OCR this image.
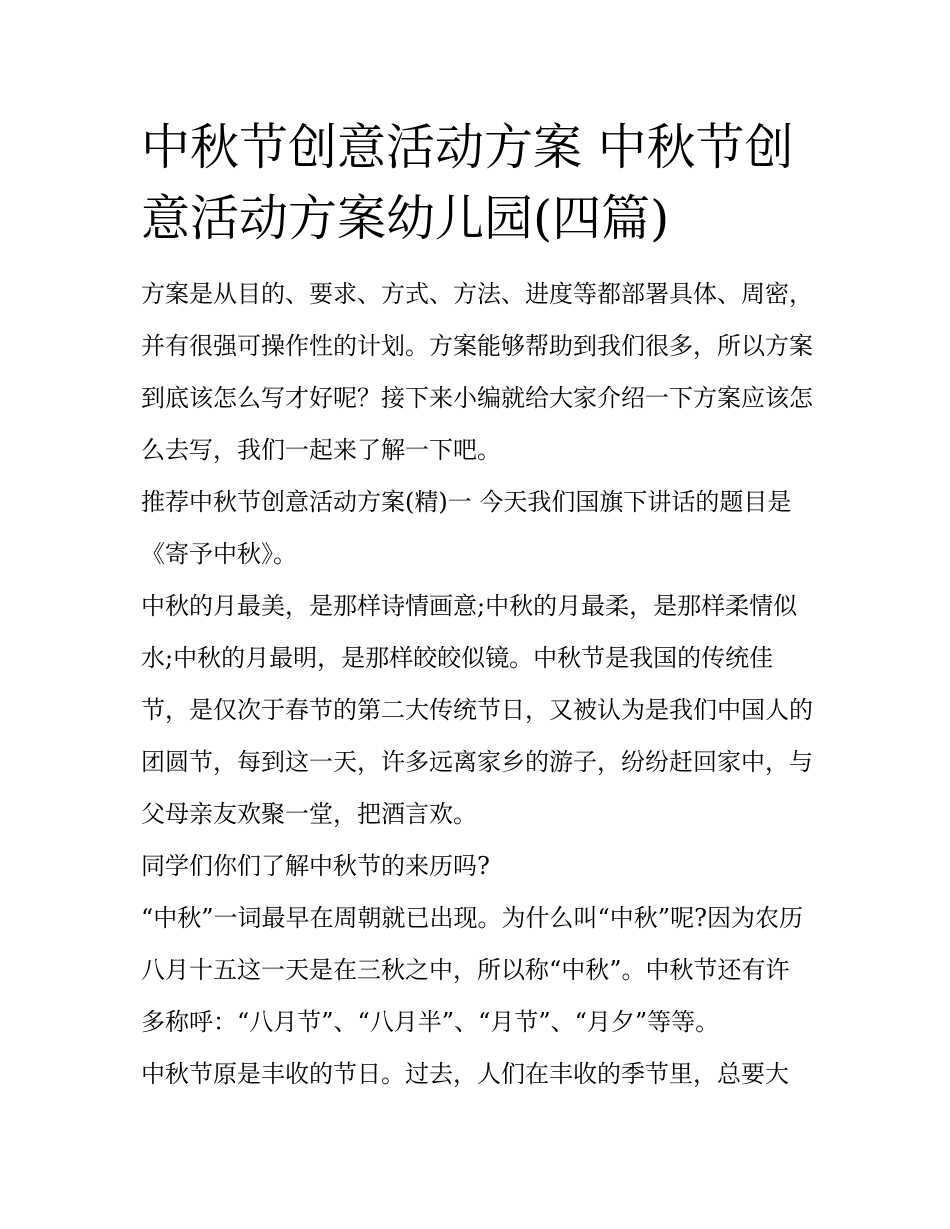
中秋节创意活动方案 中秋节创意活动方案幼儿园(四篇)

方案是从目的、要求、方式、方法、进度等都部署具体、周密，并有很强可操作性的计划。方案能够帮助到我们很多，所以方案到底该怎么写才好呢？接下来小编就给大家介绍一下方案应该怎么去写，我们一起来了解一下吧。

推荐中秋节创意活动方案(精)一 今天我们国旗下讲话的题目是《寄予中秋》。

中秋的月最美，是那样诗情画意;中秋的月最柔，是那样柔情似水;中秋的月最明，是那样皎皎似镜。中秋节是我国的传统佳节，是仅次于春节的第二大传统节日，又被认为是我们中国人的团圆节，每到这一天，许多远离家乡的游子，纷纷赶回家中，与父母亲友欢聚一堂，把酒言欢。

同学们你们了解中秋节的来历吗?

“中秋”一词最早在周朝就已出现。为什么叫“中秋”呢?因为农历八月十五这一天是在三秋之中，所以称“中秋”。中秋节还有许多称呼：“八月节”、“八月半”、“月节”、“月夕”等等。

中秋节原是丰收的节日。过去，人们在丰收的季节里，总要大
